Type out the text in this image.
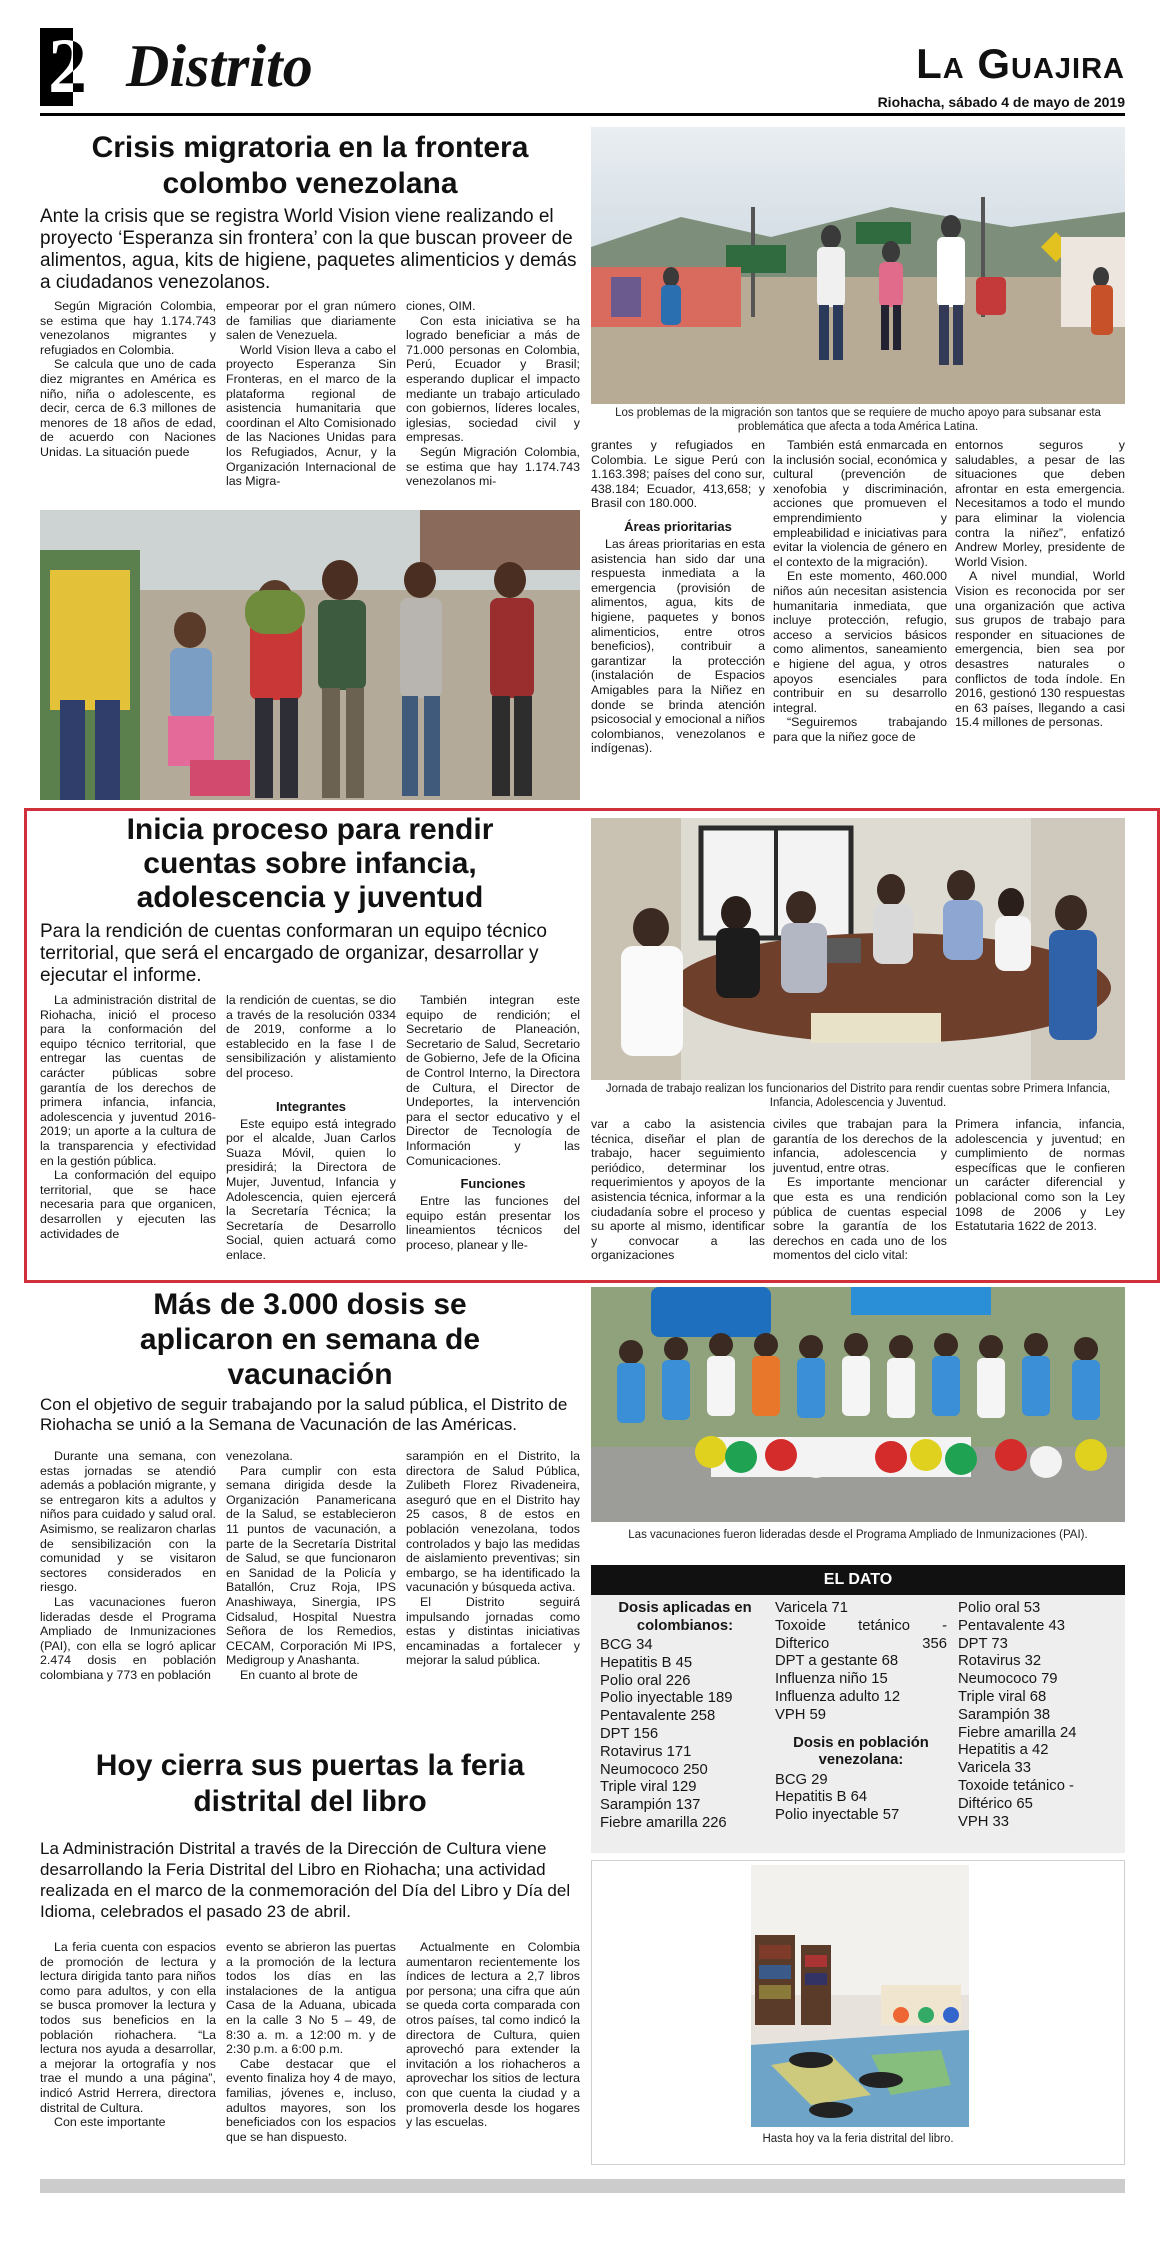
2 Distrito	La Guajira
Riohacha, sábado 4 de mayo de 2019
Crisis migratoria en la frontera
colombo venezolana
Ante la crisis que se registra World Vision viene realizando el proyecto ‘Esperanza sin frontera’ con la que buscan proveer de alimentos, agua, kits de higiene, paquetes alimenticios y demás a ciudadanos venezolanos.

Según Migración Colombia, se estima que hay 1.174.743 venezolanos migrantes y refugiados en Colombia.

Se calcula que uno de cada diez migrantes en América es niño, niña o adolescente, es decir, cerca de 6.3 millones de menores de 18 años de edad, de acuerdo con Naciones Unidas. La situación puede

empeorar por el gran número de familias que diariamente salen de Venezuela.

World Vision lleva a cabo el proyecto Esperanza Sin Fronteras, en el marco de la plataforma regional de asistencia humanitaria que coordinan el Alto Comisionado de las Naciones Unidas para los Refugiados, Acnur, y la Organización Internacional de las Migra-

ciones, OIM.

Con esta iniciativa se ha logrado beneficiar a más de 71.000 personas en Colombia, Perú, Ecuador y Brasil; esperando duplicar el impacto mediante un trabajo articulado con gobiernos, líderes locales, iglesias, sociedad civil y empresas.

Según Migración Colombia, se estima que hay 1.174.743 venezolanos mi-

Los problemas de la migración son tantos que se requiere de mucho apoyo para subsanar esta problemática que afecta a toda América Latina.

grantes y refugiados en Colombia. Le sigue Perú con 1.163.398; países del cono sur, 438.184; Ecuador, 413,658; y Brasil con 180.000.

Áreas prioritarias

Las áreas prioritarias en esta asistencia han sido dar una respuesta inmediata a la emergencia (provisión de alimentos, agua, kits de higiene, paquetes y bonos alimenticios, entre otros beneficios), contribuir a garantizar la protección (instalación de Espacios Amigables para la Niñez en donde se brinda atención psicosocial y emocional a niños colombianos, venezolanos e indígenas).

También está enmarcada en la inclusión social, económica y cultural (prevención de xenofobia y discriminación, acciones que promueven el emprendimiento y empleabilidad e iniciativas para evitar la violencia de género en el contexto de la migración).

En este momento, 460.000 niños aún necesitan asistencia humanitaria inmediata, que incluye protección, refugio, acceso a servicios básicos como alimentos, saneamiento e higiene del agua, y otros apoyos esenciales para contribuir en su desarrollo integral.

“Seguiremos trabajando para que la niñez goce de

entornos seguros y saludables, a pesar de las situaciones que deben afrontar en esta emergencia. Necesitamos a todo el mundo para eliminar la violencia contra la niñez”, enfatizó Andrew Morley, presidente de World Vision.

A nivel mundial, World Vision es reconocida por ser una organización que activa sus grupos de trabajo para responder en situaciones de emergencia, bien sea por desastres naturales o conflictos de toda índole. En 2016, gestionó 130 respuestas en 63 países, llegando a casi 15.4 millones de personas.

Inicia proceso para rendir
cuentas sobre infancia,
adolescencia y juventud
Para la rendición de cuentas conformaran un equipo técnico territorial, que será el encargado de organizar, desarrollar y ejecutar el informe.

La administración distrital de Riohacha, inició el proceso para la conformación del equipo técnico territorial, que entregar las cuentas de carácter públicas sobre garantía de los derechos de primera infancia, infancia, adolescencia y juventud 2016-2019; un aporte a la cultura de la transparencia y efectividad en la gestión pública.

La conformación del equipo territorial, que se hace necesaria para que organicen, desarrollen y ejecuten las actividades de

la rendición de cuentas, se dio a través de la resolución 0334 de 2019, conforme a lo establecido en la fase I de sensibilización y alistamiento del proceso.

Integrantes

Este equipo está integrado por el alcalde, Juan Carlos Suaza Móvil, quien lo presidirá; la Directora de Mujer, Juventud, Infancia y Adolescencia, quien ejercerá la Secretaría Técnica; la Secretaría de Desarrollo Social, quien actuará como enlace.

También integran este equipo de rendición; el Secretario de Planeación, Secretario de Salud, Secretario de Gobierno, Jefe de la Oficina de Control Interno, la Directora de Cultura, el Director de Undeportes, la intervención para el sector educativo y el Director de Tecnología de Información y las Comunicaciones.

Funciones

Entre las funciones del equipo están presentar los lineamientos técnicos del proceso, planear y lle-

Jornada de trabajo realizan los funcionarios del Distrito para rendir cuentas sobre Primera Infancia, Infancia, Adolescencia y Juventud.

var a cabo la asistencia técnica, diseñar el plan de trabajo, hacer seguimiento periódico, determinar los requerimientos y apoyos de la asistencia técnica, informar a la ciudadanía sobre el proceso y su aporte al mismo, identificar y convocar a las organizaciones

civiles que trabajan para la garantía de los derechos de la infancia, adolescencia y juventud, entre otras.

Es importante mencionar que esta es una rendición pública de cuentas especial sobre la garantía de los derechos en cada uno de los momentos del ciclo vital:

Primera infancia, infancia, adolescencia y juventud; en cumplimiento de normas específicas que le confieren un carácter diferencial y poblacional como son la Ley 1098 de 2006 y Ley Estatutaria 1622 de 2013.

Más de 3.000 dosis se
aplicaron en semana de
vacunación
Con el objetivo de seguir trabajando por la salud pública, el Distrito de Riohacha se unió a la Semana de Vacunación de las Américas.

Durante una semana, con estas jornadas se atendió además a población migrante, y se entregaron kits a adultos y niños para cuidado y salud oral. Asimismo, se realizaron charlas de sensibilización con la comunidad y se visitaron sectores considerados en riesgo.

Las vacunaciones fueron lideradas desde el Programa Ampliado de Inmunizaciones (PAI), con ella se logró aplicar 2.474 dosis en población colombiana y 773 en población

venezolana.

Para cumplir con esta semana dirigida desde la Organización Panamericana de la Salud, se establecieron 11 puntos de vacunación, a parte de la Secretaría Distrital de Salud, se que funcionaron en Sanidad de la Policía y Batallón, Cruz Roja, IPS Anashiwaya, Sinergia, IPS Cidsalud, Hospital Nuestra Señora de los Remedios, CECAM, Corporación Mi IPS, Medigroup y Anashanta.

En cuanto al brote de

sarampión en el Distrito, la directora de Salud Pública, Zulibeth Florez Rivadeneira, aseguró que en el Distrito hay 25 casos, 8 de estos en población venezolana, todos controlados y bajo las medidas de aislamiento preventivas; sin embargo, se ha identificado la vacunación y búsqueda activa.

El Distrito seguirá impulsando jornadas como estas y distintas iniciativas encaminadas a fortalecer y mejorar la salud pública.

Las vacunaciones fueron lideradas desde el Programa Ampliado de Inmunizaciones (PAI).
EL DATO
Dosis aplicadas en colombianos:
BCG 34
Hepatitis B 45
Polio oral 226
Polio inyectable 189
Pentavalente 258
DPT 156
Rotavirus 171
Neumococo 250
Triple viral 129
Sarampión 137
Fiebre amarilla 226
Varicela 71
Toxoide tetánico - Difterico 356
DPT a gestante 68
Influenza niño 15
Influenza adulto 12
VPH 59
Dosis en población venezolana:
BCG 29
Hepatitis B 64
Polio inyectable 57
Polio oral 53
Pentavalente 43
DPT 73
Rotavirus 32
Neumococo 79
Triple viral 68
Sarampión 38
Fiebre amarilla 24
Hepatitis a 42
Varicela 33
Toxoide tetánico - Diftérico 65
VPH 33
Hoy cierra sus puertas la feria
distrital del libro
La Administración Distrital a través de la Dirección de Cultura viene desarrollando la Feria Distrital del Libro en Riohacha; una actividad realizada en el marco de la conmemoración del Día del Libro y Día del Idioma, celebrados el pasado 23 de abril.

La feria cuenta con espacios de promoción de lectura y lectura dirigida tanto para niños como para adultos, y con ella se busca promover la lectura y todos sus beneficios en la población riohachera. “La lectura nos ayuda a desarrollar, a mejorar la ortografía y nos trae el mundo a una página”, indicó Astrid Herrera, directora distrital de Cultura.

Con este importante

evento se abrieron las puertas a la promoción de la lectura todos los días en las instalaciones de la antigua Casa de la Aduana, ubicada en la calle 3 No 5 – 49, de 8:30 a. m. a 12:00 m. y de 2:30 p.m. a 6:00 p.m.

Cabe destacar que el evento finaliza hoy 4 de mayo, familias, jóvenes e, incluso, adultos mayores, son los beneficiados con los espacios que se han dispuesto.

Actualmente en Colombia aumentaron recientemente los índices de lectura a 2,7 libros por persona; una cifra que aún se queda corta comparada con otros países, tal como indicó la directora de Cultura, quien aprovechó para extender la invitación a los riohacheros a aprovechar los sitios de lectura con que cuenta la ciudad y a promoverla desde los hogares y las escuelas.

Hasta hoy va la feria distrital del libro.
